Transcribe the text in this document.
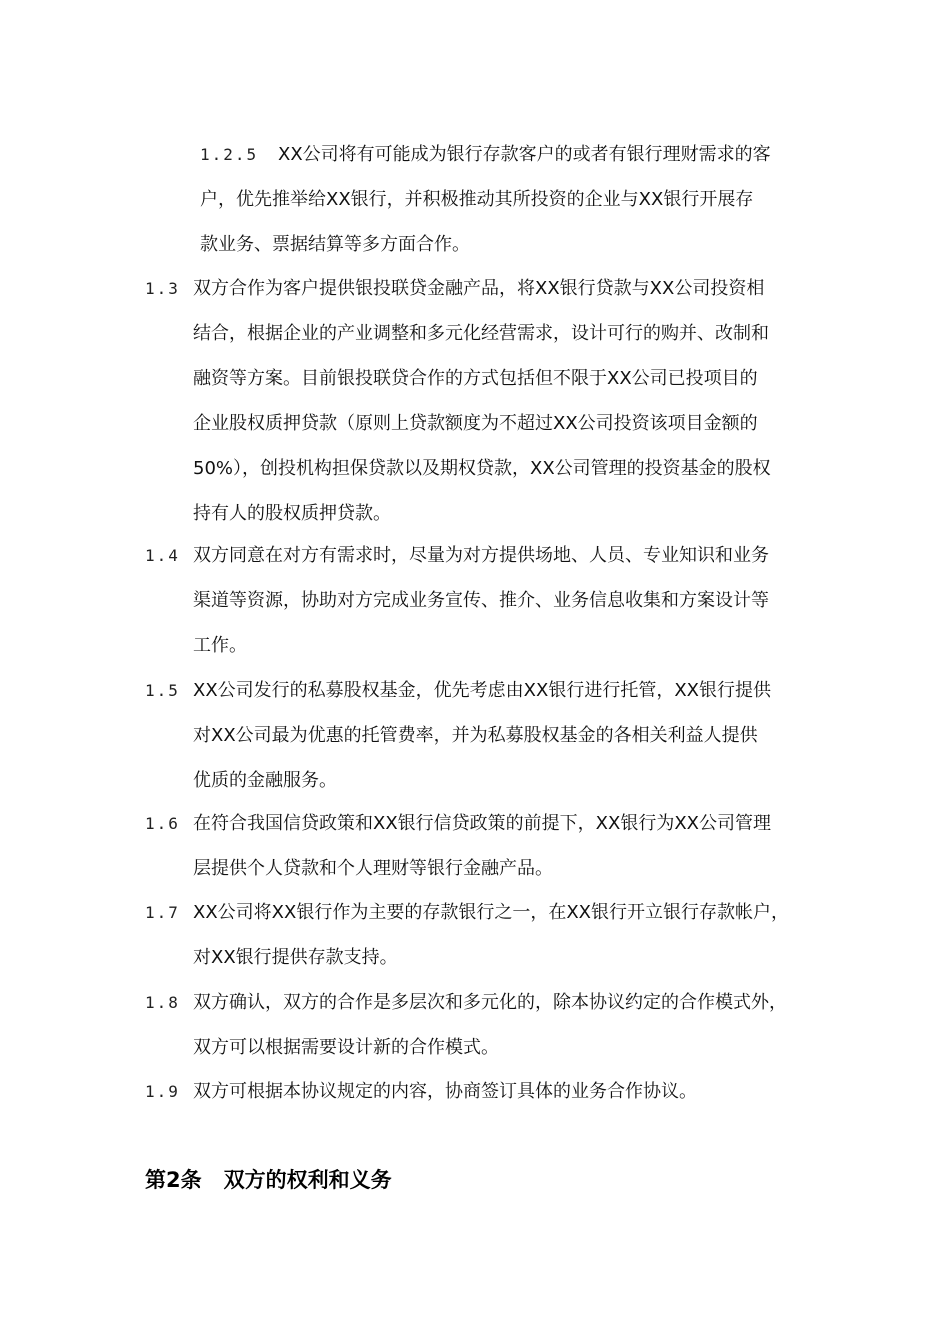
1.2.5 XX公司将有可能成为银行存款客户的或者有银行理财需求的客
户，优先推举给XX银行，并积极推动其所投资的企业与XX银行开展存
款业务、票据结算等多方面合作。
1.3 双方合作为客户提供银投联贷金融产品，将XX银行贷款与XX公司投资相
结合，根据企业的产业调整和多元化经营需求，设计可行的购并、改制和
融资等方案。目前银投联贷合作的方式包括但不限于XX公司已投项目的
企业股权质押贷款（原则上贷款额度为不超过XX公司投资该项目金额的
50%），创投机构担保贷款以及期权贷款，XX公司管理的投资基金的股权
持有人的股权质押贷款。
1.4 双方同意在对方有需求时，尽量为对方提供场地、人员、专业知识和业务
渠道等资源，协助对方完成业务宣传、推介、业务信息收集和方案设计等
工作。
1.5 XX公司发行的私募股权基金，优先考虑由XX银行进行托管，XX银行提供
对XX公司最为优惠的托管费率，并为私募股权基金的各相关利益人提供
优质的金融服务。
1.6 在符合我国信贷政策和XX银行信贷政策的前提下，XX银行为XX公司管理
层提供个人贷款和个人理财等银行金融产品。
1.7 XX公司将XX银行作为主要的存款银行之一，在XX银行开立银行存款帐户，
对XX银行提供存款支持。
1.8 双方确认，双方的合作是多层次和多元化的，除本协议约定的合作模式外，
双方可以根据需要设计新的合作模式。
1.9 双方可根据本协议规定的内容，协商签订具体的业务合作协议。
第2条 双方的权利和义务
